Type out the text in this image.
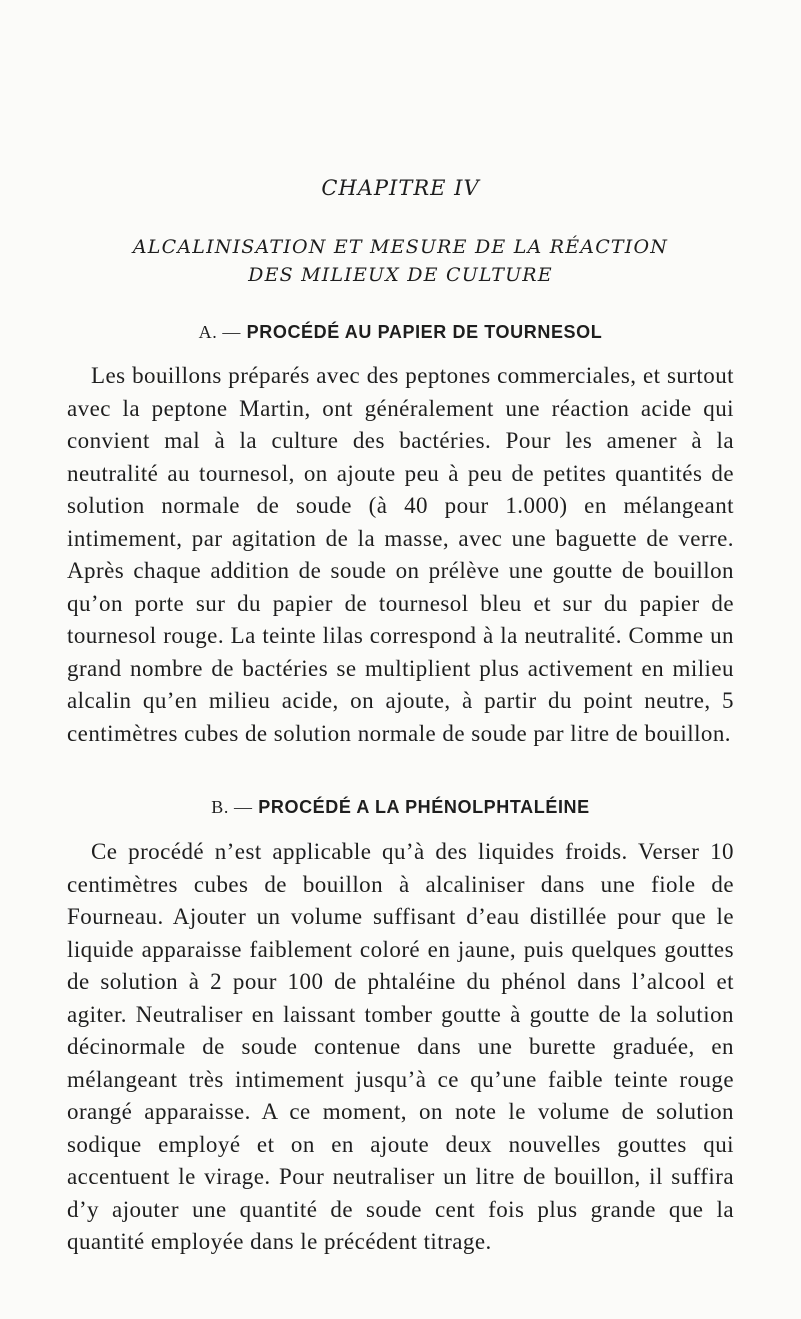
CHAPITRE IV
ALCALINISATION ET MESURE DE LA RÉACTION
DES MILIEUX DE CULTURE
A. — PROCÉDÉ AU PAPIER DE TOURNESOL

Les bouillons préparés avec des peptones commerciales, et surtout avec la peptone Martin, ont généralement une réaction acide qui convient mal à la culture des bactéries. Pour les amener à la neutralité au tournesol, on ajoute peu à peu de petites quantités de solution normale de soude (à 40 pour 1.000) en mélangeant intimement, par agitation de la masse, avec une baguette de verre. Après chaque addition de soude on prélève une goutte de bouillon qu’on porte sur du papier de tournesol bleu et sur du papier de tournesol rouge. La teinte lilas correspond à la neutralité. Comme un grand nombre de bactéries se multiplient plus activement en milieu alcalin qu’en milieu acide, on ajoute, à partir du point neutre, 5 centimètres cubes de solution normale de soude par litre de bouillon.

B. — PROCÉDÉ A LA PHÉNOLPHTALÉINE

Ce procédé n’est applicable qu’à des liquides froids. Verser 10 centimètres cubes de bouillon à alcaliniser dans une fiole de Fourneau. Ajouter un volume suffisant d’eau distillée pour que le liquide apparaisse faiblement coloré en jaune, puis quelques gouttes de solution à 2 pour 100 de phtaléine du phénol dans l’alcool et agiter. Neutraliser en laissant tomber goutte à goutte de la solution décinormale de soude contenue dans une burette graduée, en mélangeant très intimement jusqu’à ce qu’une faible teinte rouge orangé apparaisse. A ce moment, on note le volume de solution sodique employé et on en ajoute deux nouvelles gouttes qui accentuent le virage. Pour neutraliser un litre de bouillon, il suffira d’y ajouter une quantité de soude cent fois plus grande que la quantité employée dans le précédent titrage.
